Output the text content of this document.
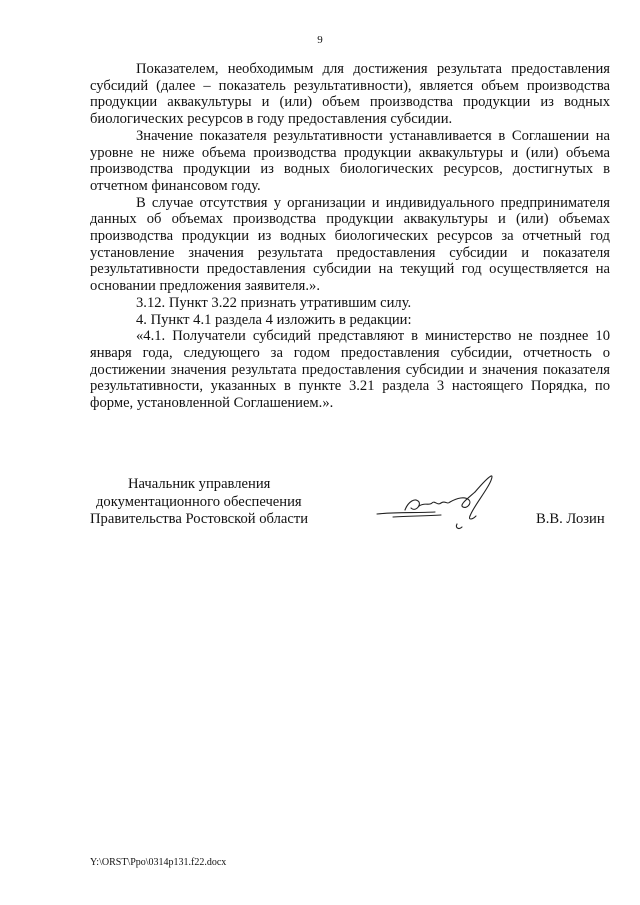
9

Показателем, необходимым для достижения результата предоставления субсидий (далее – показатель результативности), является объем производства продукции аквакультуры и (или) объем производства продукции из водных биологических ресурсов в году предоставления субсидии.

Значение показателя результативности устанавливается в Соглашении на уровне не ниже объема производства продукции аквакультуры и (или) объема производства продукции из водных биологических ресурсов, достигнутых в отчетном финансовом году.

В случае отсутствия у организации и индивидуального предпринимателя данных об объемах производства продукции аквакультуры и (или) объемах производства продукции из водных биологических ресурсов за отчетный год установление значения результата предоставления субсидии и показателя результативности предоставления субсидии на текущий год осуществляется на основании предложения заявителя.».

3.12. Пункт 3.22 признать утратившим силу.

4. Пункт 4.1 раздела 4 изложить в редакции:

«4.1. Получатели субсидий представляют в министерство не позднее 10 января года, следующего за годом предоставления субсидии, отчетность о достижении значения результата предоставления субсидии и значения показателя результативности, указанных в пункте 3.21 раздела 3 настоящего Порядка, по форме, установленной Соглашением.».

Начальник управления
документационного обеспечения
Правительства Ростовской области	В.В. Лозин
Y:\ORST\Ppo\0314p131.f22.docx
